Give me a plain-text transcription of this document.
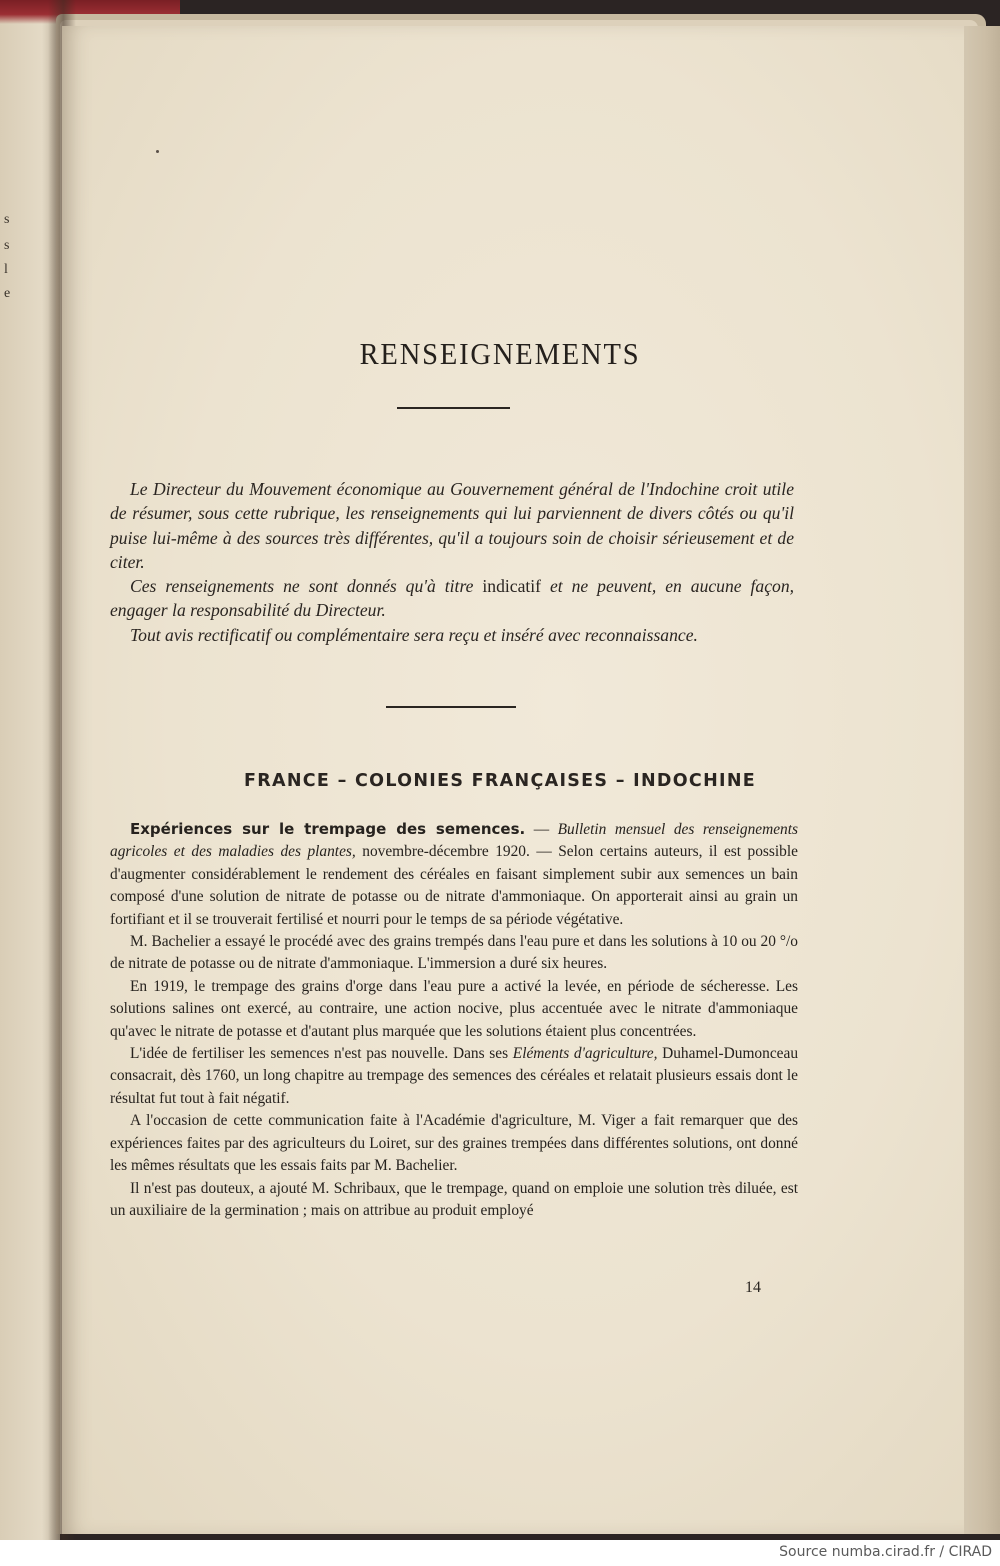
s
s
l
e
RENSEIGNEMENTS

Le Directeur du Mouvement économique au Gouvernement général de l'Indochine croit utile de résumer, sous cette rubrique, les renseignements qui lui parviennent de divers côtés ou qu'il puise lui-même à des sources très différentes, qu'il a toujours soin de choisir sérieusement et de citer.

Ces renseignements ne sont donnés qu'à titre indicatif et ne peuvent, en aucune façon, engager la responsabilité du Directeur.

Tout avis rectificatif ou complémentaire sera reçu et inséré avec reconnaissance.

FRANCE – COLONIES FRANÇAISES – INDOCHINE

Expériences sur le trempage des semences. — Bulletin mensuel des renseignements agricoles et des maladies des plantes, novembre-décembre 1920. — Selon certains auteurs, il est possible d'augmenter considérablement le rendement des céréales en faisant simplement subir aux semences un bain composé d'une solution de nitrate de potasse ou de nitrate d'ammoniaque. On apporterait ainsi au grain un fortifiant et il se trouverait fertilisé et nourri pour le temps de sa période végétative.

M. Bachelier a essayé le procédé avec des grains trempés dans l'eau pure et dans les solutions à 10 ou 20 °/o de nitrate de potasse ou de nitrate d'ammoniaque. L'immersion a duré six heures.

En 1919, le trempage des grains d'orge dans l'eau pure a activé la levée, en période de sécheresse. Les solutions salines ont exercé, au contraire, une action nocive, plus accentuée avec le nitrate d'ammoniaque qu'avec le nitrate de potasse et d'autant plus marquée que les solutions étaient plus concentrées.

L'idée de fertiliser les semences n'est pas nouvelle. Dans ses Eléments d'agriculture, Duhamel-Dumonceau consacrait, dès 1760, un long chapitre au trempage des semences des céréales et relatait plusieurs essais dont le résultat fut tout à fait négatif.

A l'occasion de cette communication faite à l'Académie d'agriculture, M. Viger a fait remarquer que des expériences faites par des agriculteurs du Loiret, sur des graines trempées dans différentes solutions, ont donné les mêmes résultats que les essais faits par M. Bachelier.

Il n'est pas douteux, a ajouté M. Schribaux, que le trempage, quand on emploie une solution très diluée, est un auxiliaire de la germination ; mais on attribue au produit employé

14
Source numba.cirad.fr / CIRAD
